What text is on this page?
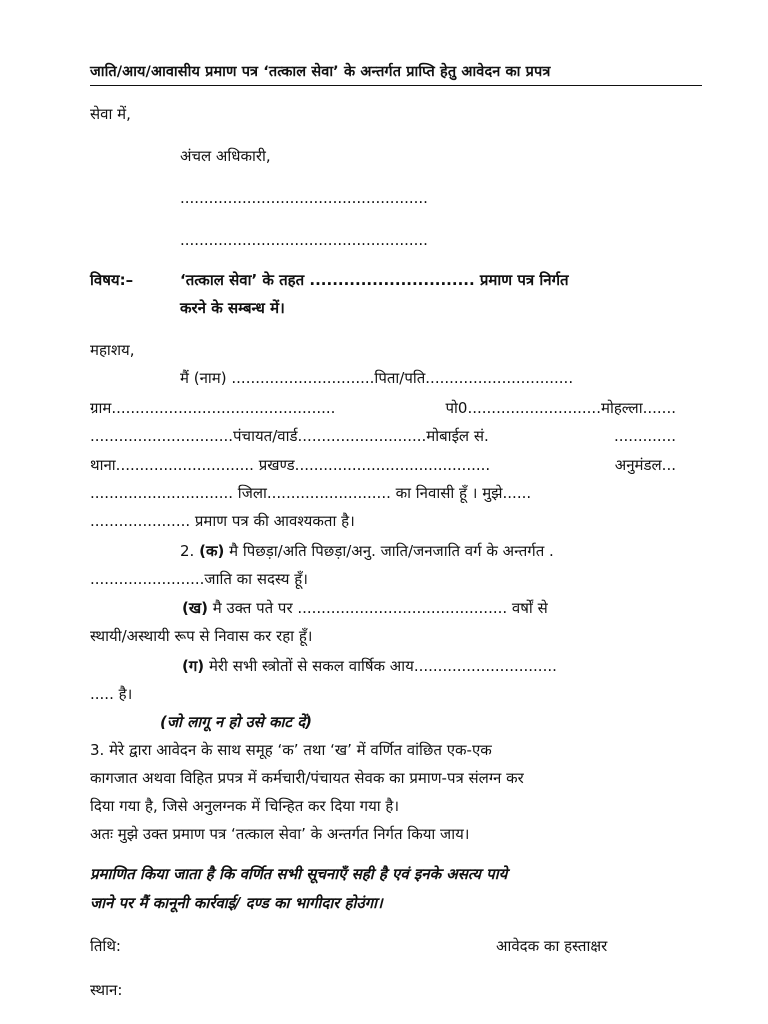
जाति/आय/आवासीय प्रमाण पत्र ‘तत्काल सेवा’ के अन्तर्गत प्राप्ति हेतु आवेदन का प्रपत्र
सेवा में,
अंचल अधिकारी,
....................................................
....................................................
विषय:–	‘तत्काल सेवा’ के तहत ............................. प्रमाण पत्र निर्गत
करने के सम्बन्ध में।
महाशय,
मैं (नाम) ..............................पिता/पति...............................
ग्राम...............................................	पो0............................मोहल्ला.......
..............................पंचायत/वार्ड...........................मोबाईल सं.	.............
थाना............................. प्रखण्ड.........................................	अनुमंडल...
.............................. जिला.......................... का निवासी हूँ । मुझे......
..................... प्रमाण पत्र की आवश्यकता है।
2. (क) मै पिछड़ा/अति पिछड़ा/अनु. जाति/जनजाति वर्ग के अन्तर्गत .
........................जाति का सदस्य हूँ।
(ख) मै उक्त पते पर ............................................ वर्षों से
स्थायी/अस्थायी रूप से निवास कर रहा हूँ।
(ग) मेरी सभी स्त्रोतों से सकल वार्षिक आय..............................
..... है।
(जो लागू न हो उसे काट दें)
3. मेरे द्वारा आवेदन के साथ समूह ‘क’ तथा ‘ख’ में वर्णित वांछित एक-एक
कागजात अथवा विहित प्रपत्र में कर्मचारी/पंचायत सेवक का प्रमाण-पत्र संलग्न कर
दिया गया है, जिसे अनुलग्नक में चिन्हित कर दिया गया है।
अतः मुझे उक्त प्रमाण पत्र ‘तत्काल सेवा’ के अन्तर्गत निर्गत किया जाय।
प्रमाणित किया जाता है कि वर्णित सभी सूचनाएँ सही है एवं इनके असत्य पाये
जाने पर मैं कानूनी कार्रवाई/ दण्ड का भागीदार होउंगा।
तिथि:	आवेदक का हस्ताक्षर
स्थान:
